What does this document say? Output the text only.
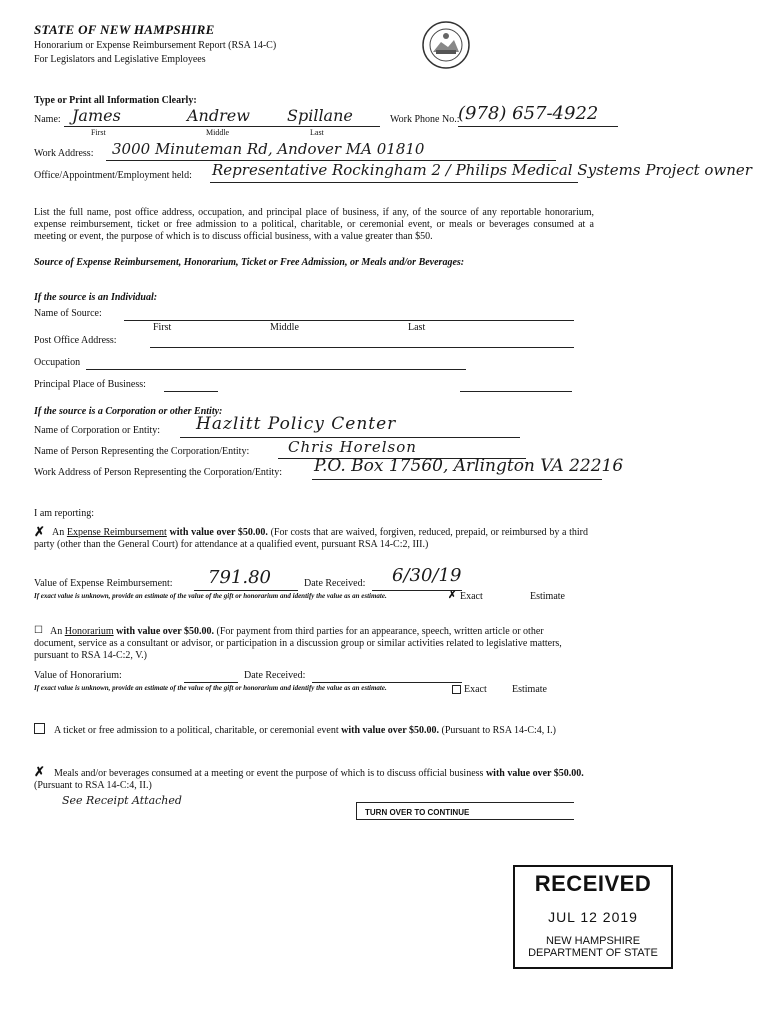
STATE OF NEW HAMPSHIRE
Honorarium or Expense Reimbursement Report (RSA 14-C)
For Legislators and Legislative Employees
Type or Print all Information Clearly:
Name: James	Andrew Spillane
First	Middle	Last
Work Phone No.:
(978) 657-4922
Work Address: 3000 Minuteman Rd, Andover MA 01810
Office/Appointment/Employment held: Representative Rockingham 2 / Philips Medical Systems Project owner
List the full name, post office address, occupation, and principal place of business, if any, of the source of any reportable honorarium, expense reimbursement, ticket or free admission to a political, charitable, or ceremonial event, or meals or beverages consumed at a meeting or event, the purpose of which is to discuss official business, with a value greater than $50.
Source of Expense Reimbursement, Honorarium, Ticket or Free Admission, or Meals and/or Beverages:
If the source is an Individual:
Name of Source:
First	Middle	Last
Post Office Address:
Occupation
Principal Place of Business:
If the source is a Corporation or other Entity:
Name of Corporation or Entity: Hazlitt Policy Center
Name of Person Representing the Corporation/Entity:	Chris Horelson
Work Address of Person Representing the Corporation/Entity: P.O. Box 17560, Arlington VA 22216
I am reporting:
✗ An Expense Reimbursement with value over $50.00. (For costs that are waived, forgiven, reduced, prepaid, or reimbursed by a third party (other than the General Court) for attendance at a qualified event, pursuant RSA 14-C:2, III.)
Value of Expense Reimbursement: 791.80	Date Received: 6/30/19
If exact value is unknown, provide an estimate of the value of the gift or honorarium and identify the value as an estimate.	✗ Exact	Estimate
☐ An Honorarium with value over $50.00. (For payment from third parties for an appearance, speech, written article or other document, service as a consultant or advisor, or participation in a discussion group or similar activities related to legislative matters, pursuant to RSA 14-C:2, V.)
Value of Honorarium:	Date Received:
If exact value is unknown, provide an estimate of the value of the gift or honorarium and identify the value as an estimate.	Exact	Estimate
A ticket or free admission to a political, charitable, or ceremonial event with value over $50.00. (Pursuant to RSA 14-C:4, I.)
✗ Meals and/or beverages consumed at a meeting or event the purpose of which is to discuss official business with value over $50.00. (Pursuant to RSA 14-C:4, II.)
See Receipt Attached
TURN OVER TO CONTINUE
RECEIVED
JUL 12 2019
NEW HAMPSHIRE
DEPARTMENT OF STATE
